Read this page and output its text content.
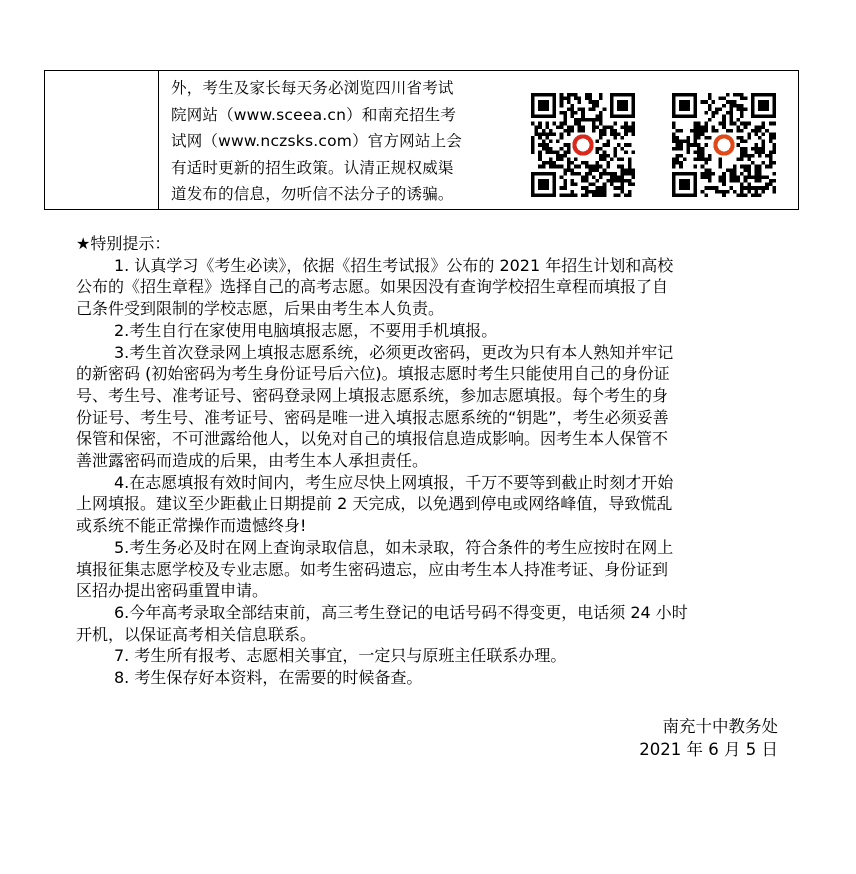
外，考生及家长每天务必浏览四川省考试
院网站（www.sceea.cn）和南充招生考
试网（www.nczsks.com）官方网站上会
有适时更新的招生政策。认清正规权威渠
道发布的信息，勿听信不法分子的诱骗。
★特别提示：
1. 认真学习《考生必读》，依据《招生考试报》公布的 2021 年招生计划和高校
公布的《招生章程》选择自己的高考志愿。如果因没有查询学校招生章程而填报了自
己条件受到限制的学校志愿，后果由考生本人负责。
2.考生自行在家使用电脑填报志愿，不要用手机填报。
3.考生首次登录网上填报志愿系统，必须更改密码，更改为只有本人熟知并牢记
的新密码 (初始密码为考生身份证号后六位)。填报志愿时考生只能使用自己的身份证
号、考生号、准考证号、密码登录网上填报志愿系统，参加志愿填报。每个考生的身
份证号、考生号、准考证号、密码是唯一进入填报志愿系统的“钥匙”，考生必须妥善
保管和保密，不可泄露给他人，以免对自己的填报信息造成影响。因考生本人保管不
善泄露密码而造成的后果，由考生本人承担责任。
4.在志愿填报有效时间内，考生应尽快上网填报，千万不要等到截止时刻才开始
上网填报。建议至少距截止日期提前 2 天完成，以免遇到停电或网络峰值，导致慌乱
或系统不能正常操作而遗憾终身!
5.考生务必及时在网上查询录取信息，如未录取，符合条件的考生应按时在网上
填报征集志愿学校及专业志愿。如考生密码遗忘，应由考生本人持准考证、身份证到
区招办提出密码重置申请。
6.今年高考录取全部结束前，高三考生登记的电话号码不得变更，电话须 24 小时
开机，以保证高考相关信息联系。
7. 考生所有报考、志愿相关事宜，一定只与原班主任联系办理。
8. 考生保存好本资料，在需要的时候备查。
南充十中教务处
2021 年 6 月 5 日
